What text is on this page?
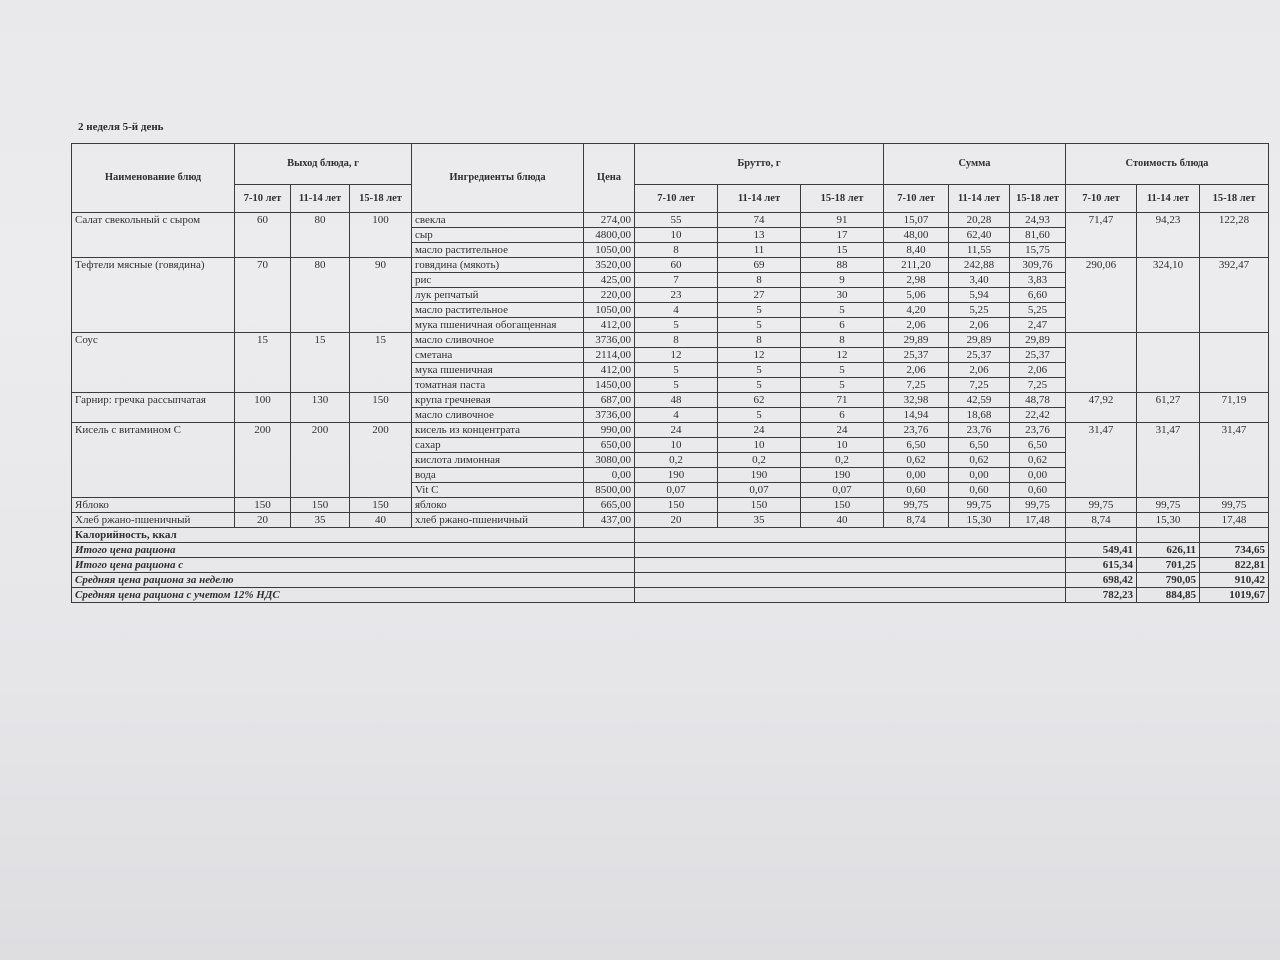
2 неделя 5-й день
Наименование блюд	Выход блюда, г			Ингредиенты блюда	Цена	Брутто, г			Сумма			Стоимость блюда		
	7-10 лет	11-14 лет	15-18 лет			7-10 лет	11-14 лет	15-18 лет	7-10 лет	11-14 лет	15-18 лет	7-10 лет	11-14 лет	15-18 лет
Салат свекольный с сыром	60	80	100	свекла	274,00	55	74	91	15,07	20,28	24,93	71,47	94,23	122,28
				сыр	4800,00	10	13	17	48,00	62,40	81,60			
				масло растительное	1050,00	8	11	15	8,40	11,55	15,75			
Тефтели мясные (говядина)	70	80	90	говядина (мякоть)	3520,00	60	69	88	211,20	242,88	309,76	290,06	324,10	392,47
				рис	425,00	7	8	9	2,98	3,40	3,83			
				лук репчатый	220,00	23	27	30	5,06	5,94	6,60			
				масло растительное	1050,00	4	5	5	4,20	5,25	5,25			
				мука пшеничная обогащенная	412,00	5	5	6	2,06	2,06	2,47			
Соус	15	15	15	масло сливочное	3736,00	8	8	8	29,89	29,89	29,89			
				сметана	2114,00	12	12	12	25,37	25,37	25,37			
				мука пшеничная	412,00	5	5	5	2,06	2,06	2,06			
				томатная паста	1450,00	5	5	5	7,25	7,25	7,25			
Гарнир: гречка рассыпчатая	100	130	150	крупа гречневая	687,00	48	62	71	32,98	42,59	48,78	47,92	61,27	71,19
				масло сливочное	3736,00	4	5	6	14,94	18,68	22,42			
Кисель с витамином С	200	200	200	кисель из концентрата	990,00	24	24	24	23,76	23,76	23,76	31,47	31,47	31,47
				сахар	650,00	10	10	10	6,50	6,50	6,50			
				кислота лимонная	3080,00	0,2	0,2	0,2	0,62	0,62	0,62			
				вода	0,00	190	190	190	0,00	0,00	0,00			
				Vit C	8500,00	0,07	0,07	0,07	0,60	0,60	0,60			
Яблоко	150	150	150	яблоко	665,00	150	150	150	99,75	99,75	99,75	99,75	99,75	99,75
Хлеб ржано-пшеничный	20	35	40	хлеб ржано-пшеничный	437,00	20	35	40	8,74	15,30	17,48	8,74	15,30	17,48
Калорийность, ккал														
Итого цена рациона												549,41	626,11	734,65
Итого цена рациона с												615,34	701,25	822,81
Средняя цена рациона за неделю												698,42	790,05	910,42
Средняя цена рациона с учетом 12% НДС												782,23	884,85	1019,67
